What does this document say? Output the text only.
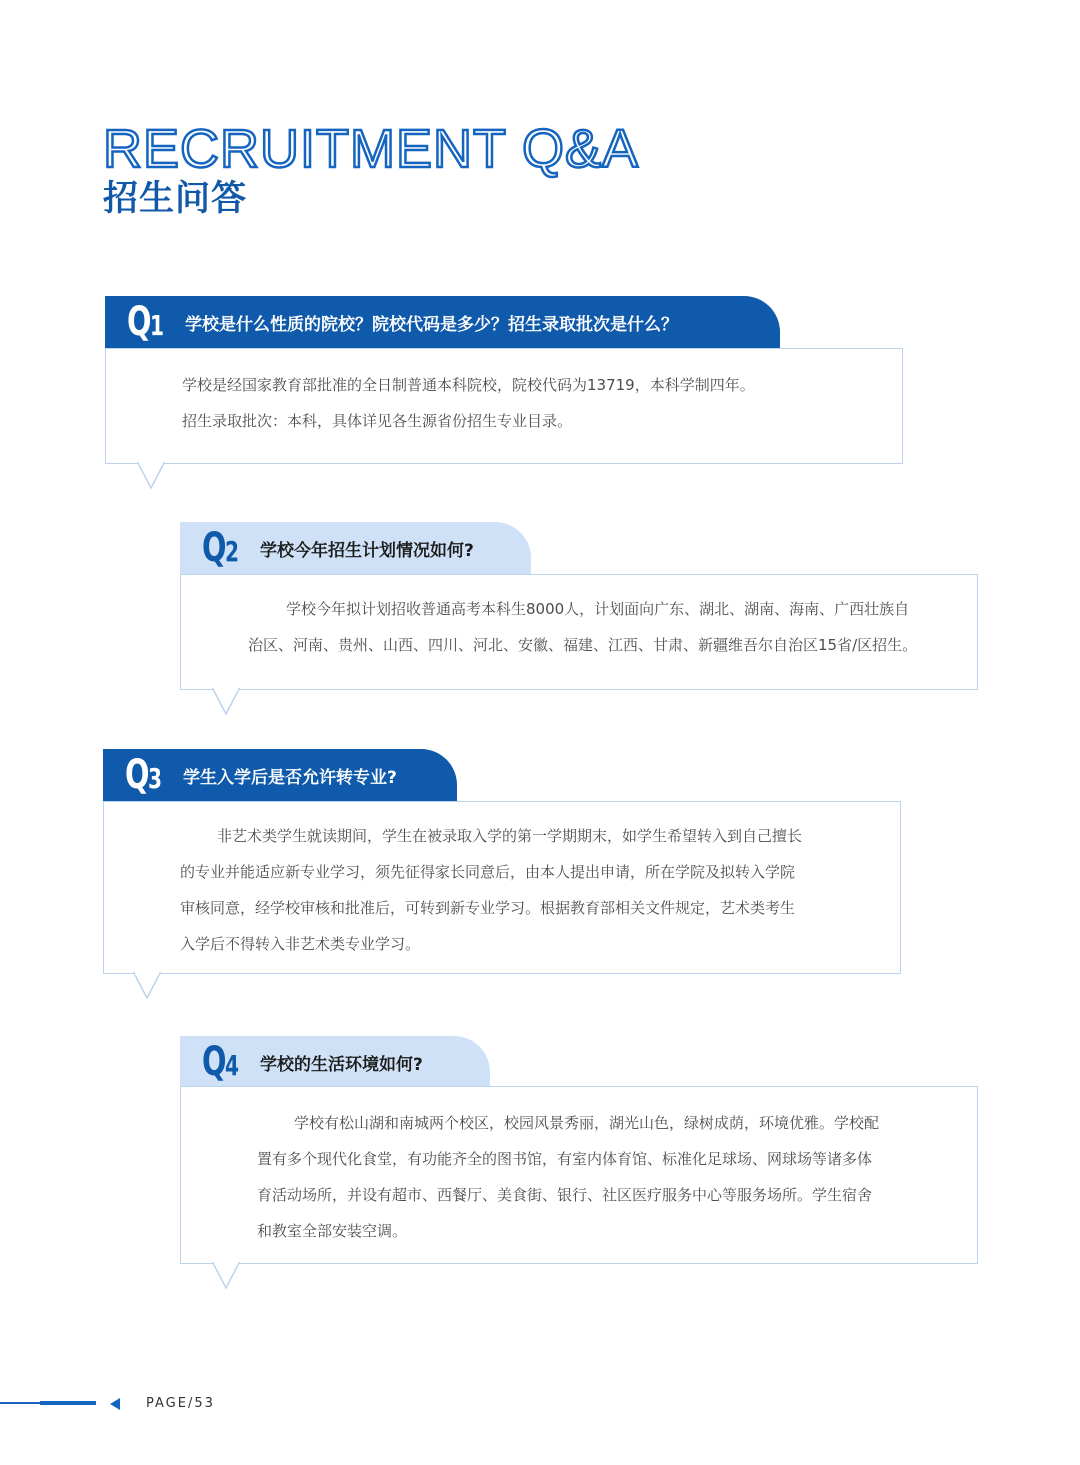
RECRUITMENT Q&A
招生问答
Q1 学校是什么性质的院校？院校代码是多少？招生录取批次是什么？

学校是经国家教育部批准的全日制普通本科院校，院校代码为13719，本科学制四年。

招生录取批次：本科，具体详见各生源省份招生专业目录。

Q2 学校今年招生计划情况如何?

学校今年拟计划招收普通高考本科生8000人，计划面向广东、湖北、湖南、海南、广西壮族自

治区、河南、贵州、山西、四川、河北、安徽、福建、江西、甘肃、新疆维吾尔自治区15省/区招生。

Q3 学生入学后是否允许转专业?

非艺术类学生就读期间，学生在被录取入学的第一学期期末，如学生希望转入到自己擅长

的专业并能适应新专业学习，须先征得家长同意后，由本人提出申请，所在学院及拟转入学院

审核同意，经学校审核和批准后，可转到新专业学习。根据教育部相关文件规定，艺术类考生

入学后不得转入非艺术类专业学习。

Q4 学校的生活环境如何?

学校有松山湖和南城两个校区，校园风景秀丽，湖光山色，绿树成荫，环境优雅。学校配

置有多个现代化食堂，有功能齐全的图书馆，有室内体育馆、标准化足球场、网球场等诸多体

育活动场所，并设有超市、西餐厅、美食街、银行、社区医疗服务中心等服务场所。学生宿舍

和教室全部安装空调。

PAGE/53
